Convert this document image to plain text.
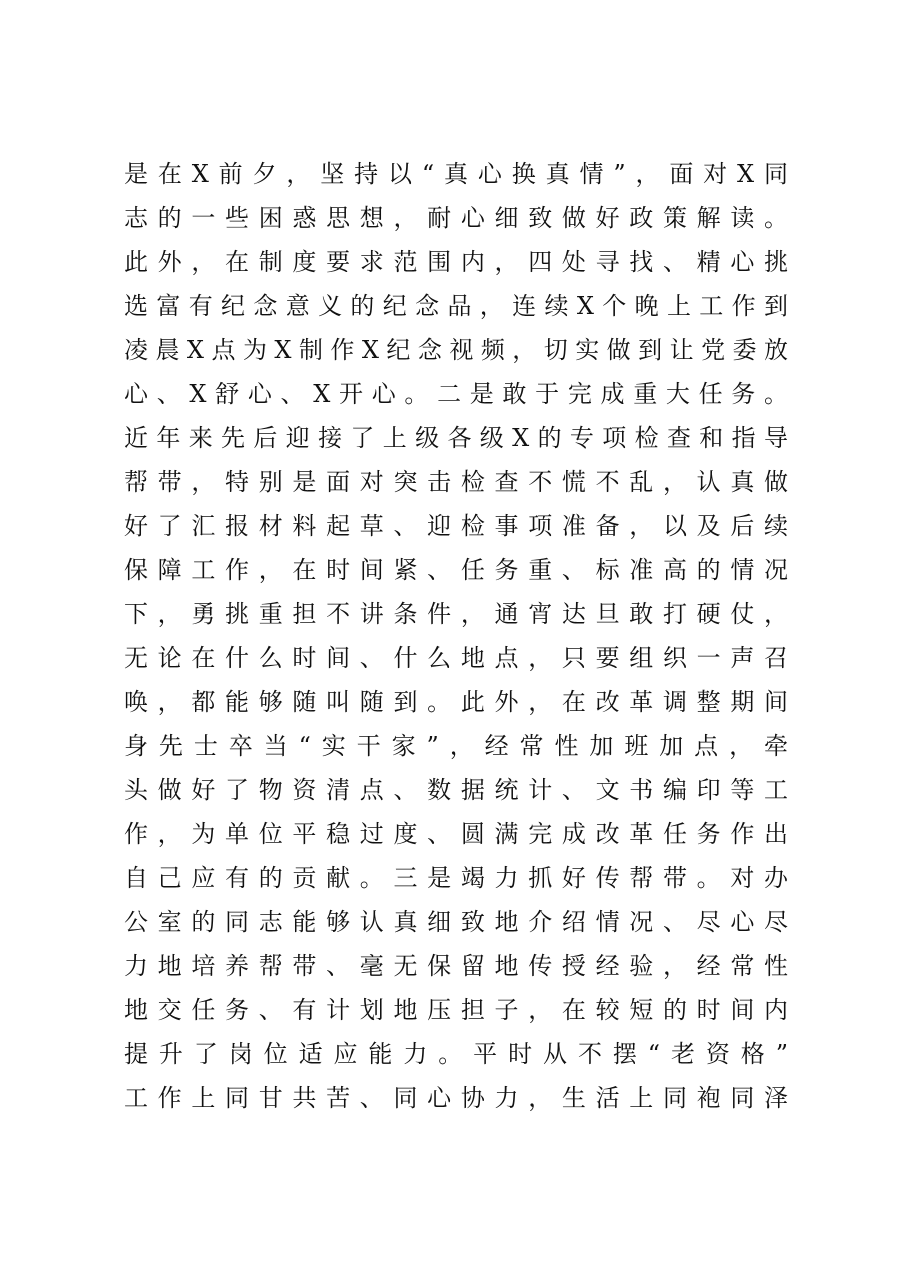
是在X前夕，坚持以“真心换真情”，面对X同
志的一些困惑思想，耐心细致做好政策解读。
此外，在制度要求范围内，四处寻找、精心挑
选富有纪念意义的纪念品，连续X个晚上工作到
凌晨X点为X制作X纪念视频，切实做到让党委放
心、X舒心、X开心。二是敢于完成重大任务。
近年来先后迎接了上级各级X的专项检查和指导
帮带，特别是面对突击检查不慌不乱，认真做
好了汇报材料起草、迎检事项准备，以及后续
保障工作，在时间紧、任务重、标准高的情况
下，勇挑重担不讲条件，通宵达旦敢打硬仗，
无论在什么时间、什么地点，只要组织一声召
唤，都能够随叫随到。此外，在改革调整期间
身先士卒当“实干家”，经常性加班加点，牵
头做好了物资清点、数据统计、文书编印等工
作，为单位平稳过度、圆满完成改革任务作出
自己应有的贡献。三是竭力抓好传帮带。对办
公室的同志能够认真细致地介绍情况、尽心尽
力地培养帮带、毫无保留地传授经验，经常性
地交任务、有计划地压担子，在较短的时间内
提升了岗位适应能力。平时从不摆“老资格”
工作上同甘共苦、同心协力，生活上同袍同泽
